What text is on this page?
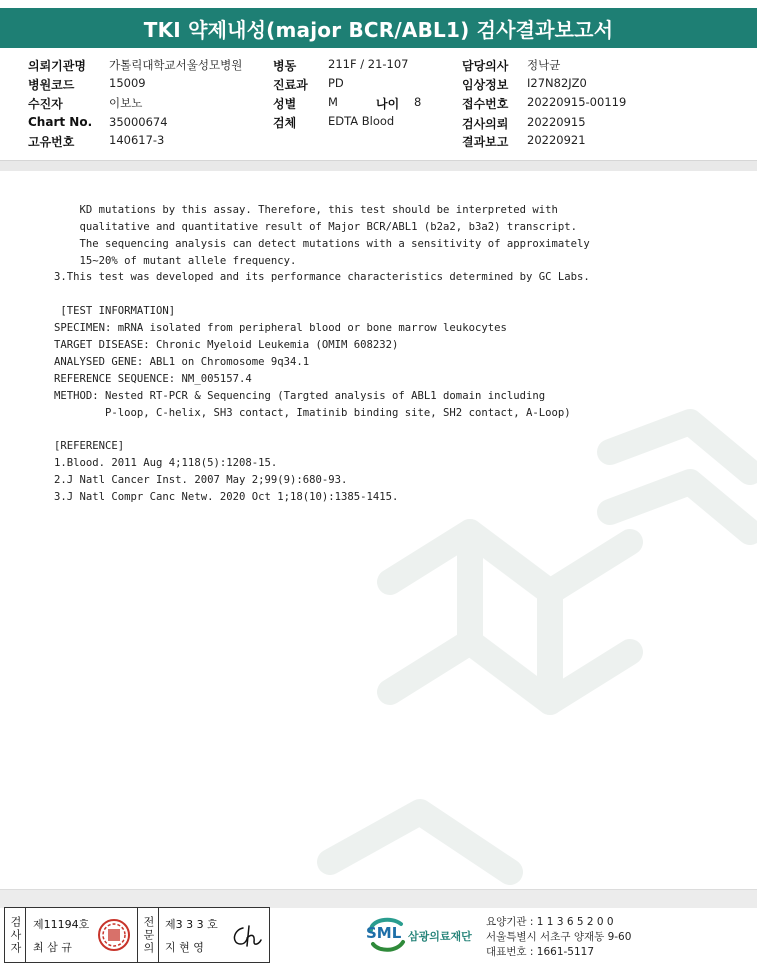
TKI 약제내성(major BCR/ABL1) 검사결과보고서
의뢰기관명 가톨릭대학교서울성모병원
병원코드	15009
수진자	이보노
Chart No. 35000674
고유번호	140617-3
병동	211F / 21-107
진료과 PD
성별	M	나이 8
검체	EDTA Blood
담당의사 정낙균
임상정보 I27N82JZ0
접수번호 20220915-00119
검사의뢰 20220915
결과보고 20220921
KD mutations by this assay. Therefore, this test should be interpreted with
qualitative and quantitative result of Major BCR/ABL1 (b2a2, b3a2) transcript.
The sequencing analysis can detect mutations with a sensitivity of approximately
15~20% of mutant allele frequency.
3.This test was developed and its performance characteristics determined by GC Labs.
[TEST INFORMATION]
SPECIMEN: mRNA isolated from peripheral blood or bone marrow leukocytes
TARGET DISEASE: Chronic Myeloid Leukemia (OMIM 608232)
ANALYSED GENE: ABL1 on Chromosome 9q34.1
REFERENCE SEQUENCE: NM_005157.4
METHOD: Nested RT-PCR & Sequencing (Targted analysis of ABL1 domain including
P-loop, C-helix, SH3 contact, Imatinib binding site, SH2 contact, A-Loop)
[REFERENCE]
1.Blood. 2011 Aug 4;118(5):1208-15.
2.J Natl Cancer Inst. 2007 May 2;99(9):680-93.
3.J Natl Compr Canc Netw. 2020 Oct 1;18(10):1385-1415.
검사자 제11194호
최 삼 규	전문의 제3 3 3 호
지 현 영
SML 삼광의료재단
요양기관 : 1 1 3 6 5 2 0 0
서울특별시 서초구 양재동 9-60
대표번호 : 1661-5117
